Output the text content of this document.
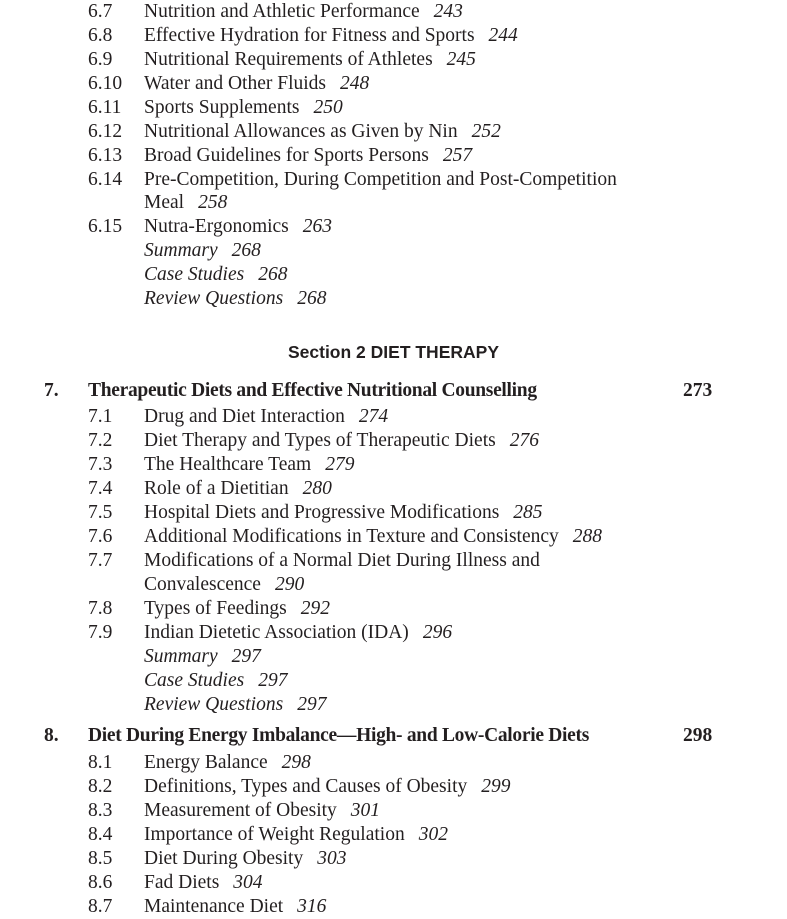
6.7 Nutrition and Athletic Performance 243
6.8 Effective Hydration for Fitness and Sports 244
6.9 Nutritional Requirements of Athletes 245
6.10 Water and Other Fluids 248
6.11 Sports Supplements 250
6.12 Nutritional Allowances as Given by Nin 252
6.13 Broad Guidelines for Sports Persons 257
6.14 Pre-Competition, During Competition and Post-Competition
Meal 258
6.15 Nutra-Ergonomics 263
Summary 268
Case Studies 268
Review Questions 268
Section 2 DIET THERAPY
7. Therapeutic Diets and Effective Nutritional Counselling	273
7.1 Drug and Diet Interaction 274
7.2 Diet Therapy and Types of Therapeutic Diets 276
7.3 The Healthcare Team 279
7.4 Role of a Dietitian 280
7.5 Hospital Diets and Progressive Modifications 285
7.6 Additional Modifications in Texture and Consistency 288
7.7 Modifications of a Normal Diet During Illness and
Convalescence 290
7.8 Types of Feedings 292
7.9 Indian Dietetic Association (IDA) 296
Summary 297
Case Studies 297
Review Questions 297
8. Diet During Energy Imbalance—High- and Low-Calorie Diets	298
8.1 Energy Balance 298
8.2 Definitions, Types and Causes of Obesity 299
8.3 Measurement of Obesity 301
8.4 Importance of Weight Regulation 302
8.5 Diet During Obesity 303
8.6 Fad Diets 304
8.7 Maintenance Diet 316
